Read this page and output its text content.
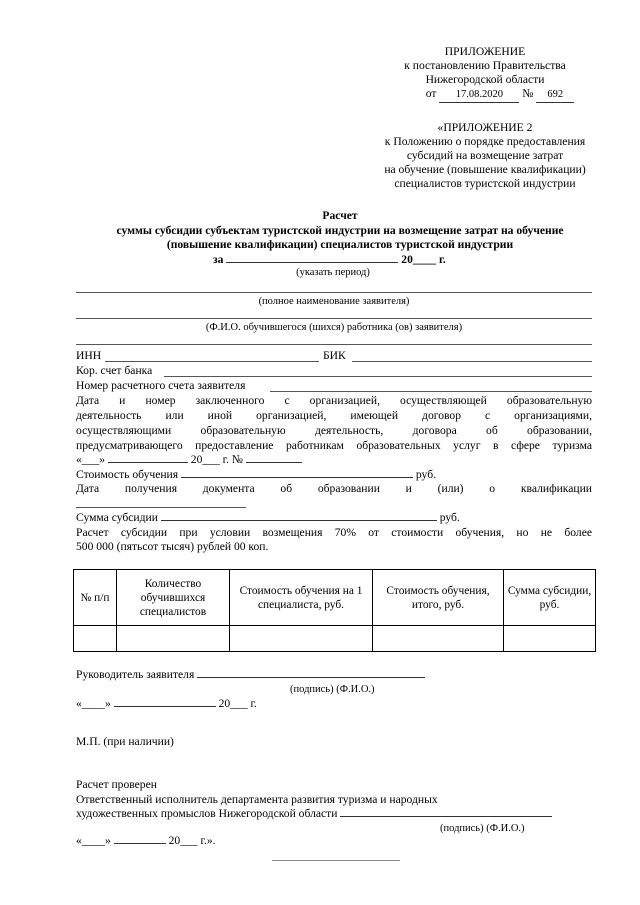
ПРИЛОЖЕНИЕ
к постановлению Правительства
Нижегородской области
от 17.08.2020 № 692
«ПРИЛОЖЕНИЕ 2
к Положению о порядке предоставления
субсидий на возмещение затрат
на обучение (повышение квалификации)
специалистов туристской индустрии
Расчет
суммы субсидии субъектам туристской индустрии на возмещение затрат на обучение
(повышение квалификации) специалистов туристской индустрии
за	20____ г.
(указать период)
(полное наименование заявителя)
(Ф.И.О. обучившегося (шихся) работника (ов) заявителя)
ИНН	БИК
Кор. счет банка
Номер расчетного счета заявителя
Дата и номер заключенного с организацией, осуществляющей образовательную
деятельность или иной организацией, имеющей договор с организациями,
осуществляющими образовательную деятельность, договора об образовании,
предусматривающего предоставление работникам образовательных услуг в сфере туризма
«___»	20___ г. №
Стоимость обучения	руб.
Дата получения документа об образовании и (или) о квалификации
Сумма субсидии	руб.
Расчет субсидии при условии возмещения 70% от стоимости обучения, но не более
500 000 (пятьсот тысяч) рублей 00 коп.
№ п/п	Количество обучившихся специалистов	Стоимость обучения на 1 специалиста, руб.	Стоимость обучения, итого, руб.	Сумма субсидии, руб.

Руководитель заявителя
(подпись) (Ф.И.О.)
«____»	20___ г.
М.П. (при наличии)
Расчет проверен
Ответственный исполнитель департамента развития туризма и народных
художественных промыслов Нижегородской области
(подпись) (Ф.И.О.)
«____»	20___ г.».
